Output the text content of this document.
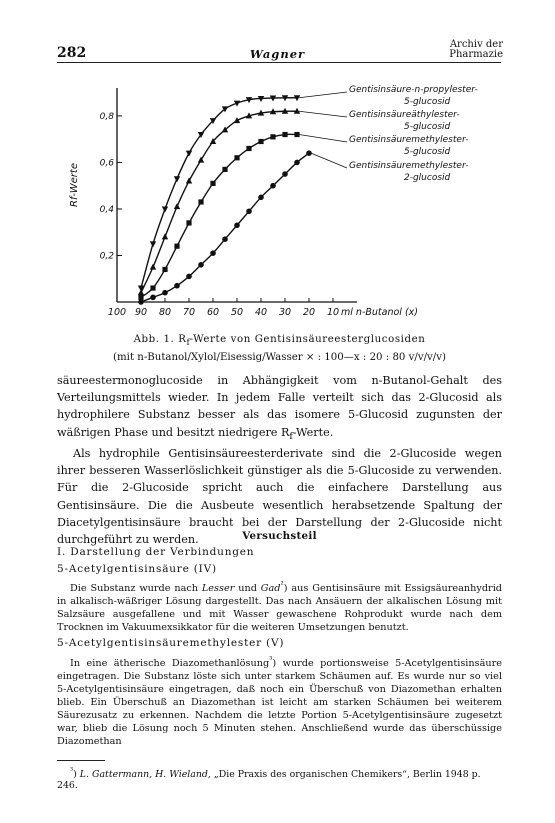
282	Wagner
Archiv der
Pharmazie
100 90 80 70 60 50 40 30 20 10 ml n-Butanol (x)
0,2
0,4
0,6
0,8
Rf-Werte
Gentisinsäure-n-propylester-
5-glucosid
Gentisinsäureäthylester-
5-glucosid
Gentisinsäuremethylester-
5-glucosid
Gentisinsäuremethylester-
2-glucosid
Abb. 1. $R_f$-Werte von Gentisinsäureesterglucosiden
(mit n-Butanol/Xylol/Eisessig/Wasser × : 100—x : 20 : 80 v/v/v/v)

säureestermonoglucoside in Abhängigkeit vom n-Butanol-Gehalt des Verteilungsmittels wieder. In jedem Falle verteilt sich das 2-Glucosid als hydrophilere Substanz besser als das isomere 5-Glucosid zugunsten der wäßrigen Phase und besitzt niedrigere $R_f$-Werte.

Als hydrophile Gentisinsäureesterderivate sind die 2-Glucoside wegen ihrer besseren Wasserlöslichkeit günstiger als die 5-Glucoside zu verwenden. Für die 2-Glucoside spricht auch die einfachere Darstellung aus Gentisinsäure. Die die Ausbeute wesentlich herabsetzende Spaltung der Diacetylgentisinsäure braucht bei der Darstellung der 2-Glucoside nicht durchgeführt zu werden.	Versuchsteil
I. Darstellung der Verbindungen
5-Acetylgentisinsäure (IV)

Die Substanz wurde nach Lesser und Gad$^{^2}$) aus Gentisinsäure mit Essigsäureanhydrid in alkalisch-wäßriger Lösung dargestellt. Das nach Ansäuern der alkalischen Lösung mit Salzsäure ausgefallene und mit Wasser gewaschene Rohprodukt wurde nach dem Trocknen im Vakuumexsikkator für die weiteren Umsetzungen benutzt.

5-Acetylgentisinsäuremethylester (V)

In eine ätherische Diazomethanlösung$^{^3}$) wurde portionsweise 5-Acetylgentisinsäure eingetragen. Die Substanz löste sich unter starkem Schäumen auf. Es wurde nur so viel 5-Acetylgentisinsäure eingetragen, daß noch ein Überschuß von Diazomethan erhalten blieb. Ein Überschuß an Diazomethan ist leicht am starken Schäumen bei weiterem Säurezusatz zu erkennen. Nachdem die letzte Portion 5-Acetylgentisinsäure zugesetzt war, blieb die Lösung noch 5 Minuten stehen. Anschließend wurde das überschüssige Diazomethan

$^{^3}$) L. Gattermann, H. Wieland, „Die Praxis des organischen Chemikers“, Berlin 1948 p. 246.
